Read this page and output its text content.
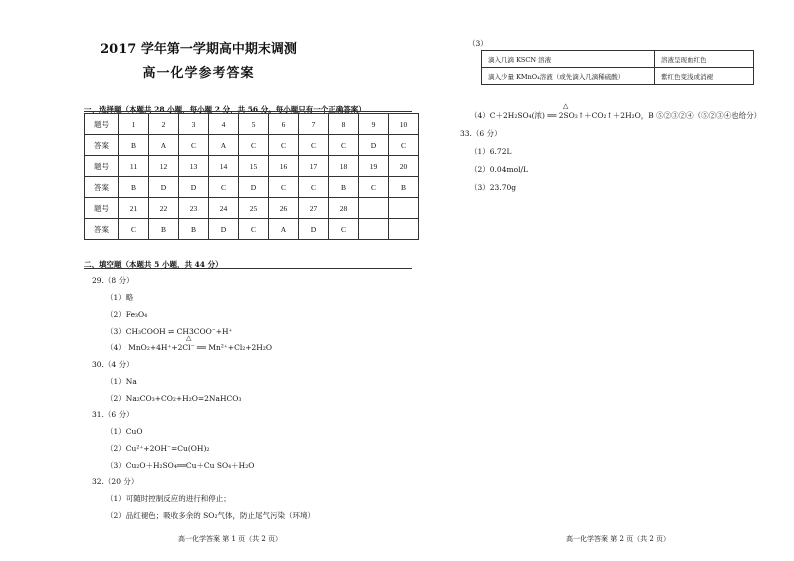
2017 学年第一学期高中期末调测
高一化学参考答案
一、选择题（本题共 28 小题，每小题 2 分，共 56 分。每小题只有一个正确答案）
题号	1	2	3	4	5	6	7	8	9	10
答案	B	A	C	A	C	C	C	C	D	C
题号	11	12	13	14	15	16	17	18	19	20
答案	B	D	D	C	D	C	C	B	C	B
题号	21	22	23	24	25	26	27	28		
答案	C	B	B	D	C	A	D	C		
二、填空题（本题共 5 小题，共 44 分）
29.（8 分）
（1）略
（2）Fe₃O₄
（3）CH₃COOH ⇌ CH3COO⁻+H⁺
△
（4） MnO₂+4H⁺+2Cl⁻ ══ Mn²⁺+Cl₂+2H₂O
30.（4 分）
（1）Na
（2）Na₂CO₃+CO₂+H₂O=2NaHCO₃
31.（6 分）
（1）CuO
（2）Cu²⁺+2OH⁻=Cu(OH)₂
（3）Cu₂O＋H₂SO₄══Cu＋Cu SO₄＋H₂O
32.（20 分）
（1）可随时控制反应的进行和停止；
（2）品红褪色；吸收多余的 SO₂气体，防止尾气污染（环境）
（3）
滴入几滴 KSCN 溶液	溶液呈现血红色
滴入少量 KMnO₄溶液（或先滴入几滴稀硫酸）	紫红色变浅或消褪
△
（4）C＋2H₂SO₄(浓) ══ 2SO₂↑＋CO₂↑＋2H₂O，B ⑤②③②④（⑤②③④也给分）
33.（6 分）
（1）6.72L
（2）0.04mol/L
（3）23.70g
高一化学答案 第 1 页（共 2 页）	高一化学答案 第 2 页（共 2 页）
